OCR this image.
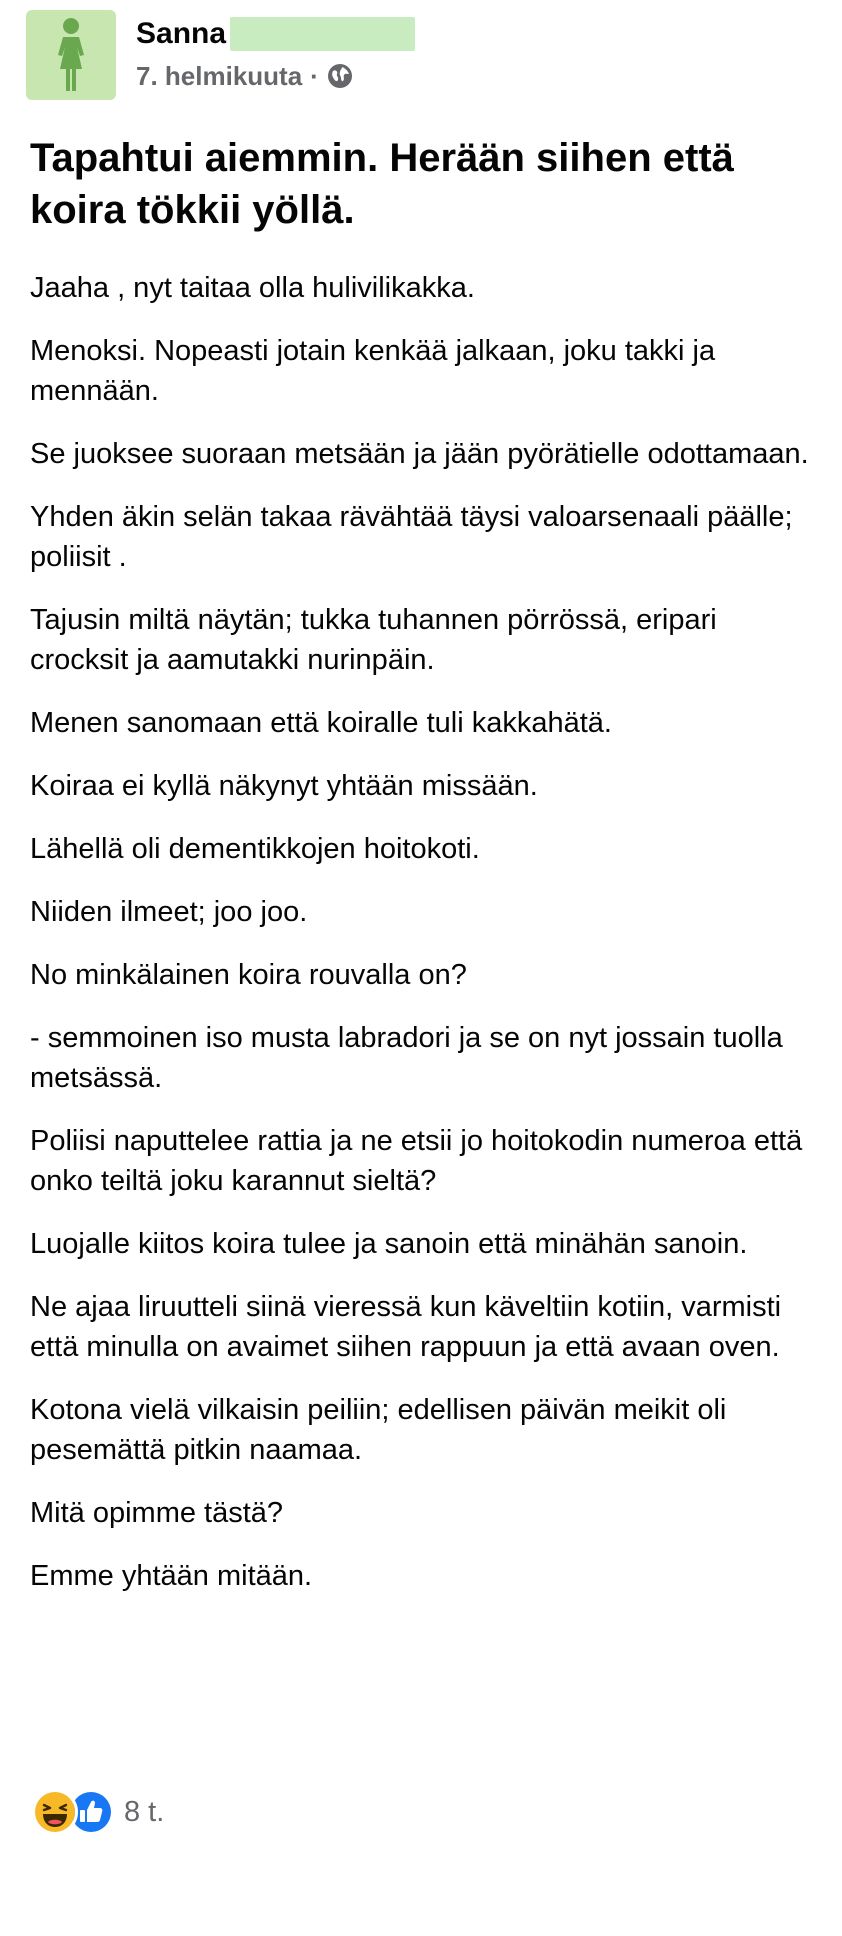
Sanna
7. helmikuuta ·
Tapahtui aiemmin. Herään siihen että koira tökkii yöllä.

Jaaha , nyt taitaa olla hulivilikakka.

Menoksi. Nopeasti jotain kenkää jalkaan, joku takki ja mennään.

Se juoksee suoraan metsään ja jään pyörätielle odottamaan.

Yhden äkin selän takaa rävähtää täysi valoarsenaali päälle; poliisit .

Tajusin miltä näytän; tukka tuhannen pörrössä, eripari crocksit ja aamutakki nurinpäin.

Menen sanomaan että koiralle tuli kakkahätä.

Koiraa ei kyllä näkynyt yhtään missään.

Lähellä oli dementikkojen hoitokoti.

Niiden ilmeet; joo joo.

No minkälainen koira rouvalla on?

- semmoinen iso musta labradori ja se on nyt jossain tuolla metsässä.

Poliisi naputtelee rattia ja ne etsii jo hoitokodin numeroa että onko teiltä joku karannut sieltä?

Luojalle kiitos koira tulee ja sanoin että minähän sanoin.

Ne ajaa liruutteli siinä vieressä kun käveltiin kotiin, varmisti että minulla on avaimet siihen rappuun ja että avaan oven.

Kotona vielä vilkaisin peiliin; edellisen päivän meikit oli pesemättä pitkin naamaa.

Mitä opimme tästä?

Emme yhtään mitään.

8 t.
